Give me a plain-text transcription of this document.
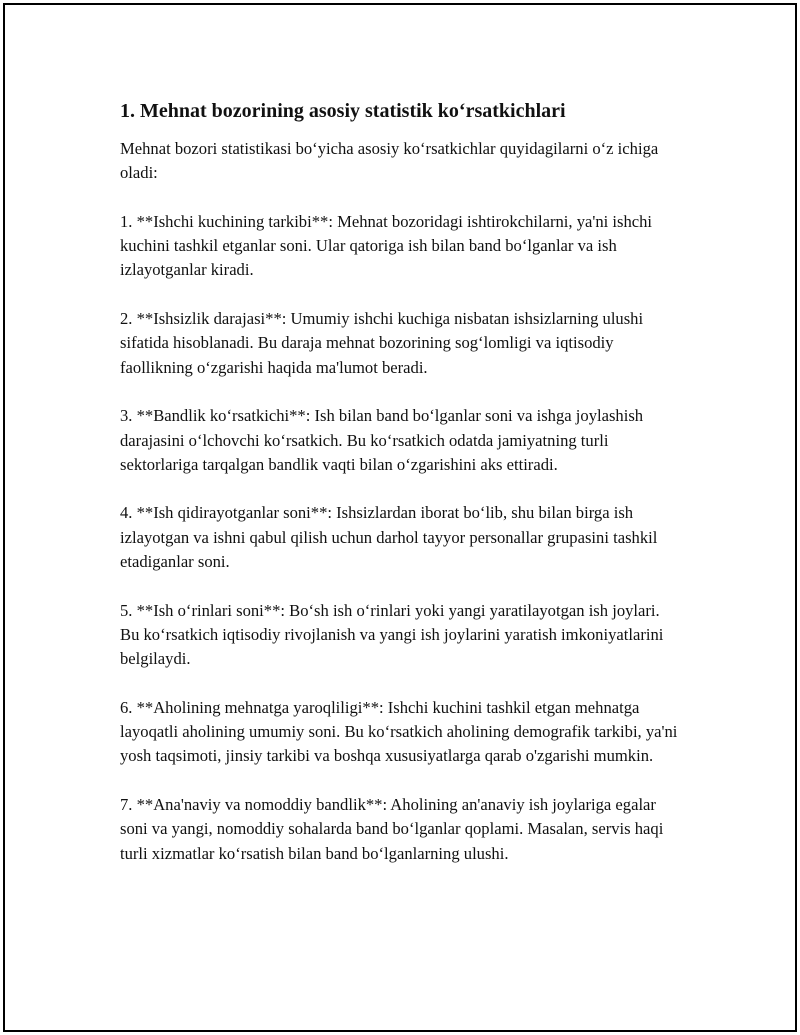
1. Mehnat bozorining asosiy statistik koʻrsatkichlari

Mehnat bozori statistikasi boʻyicha asosiy koʻrsatkichlar quyidagilarni oʻz ichiga oladi:

1. **Ishchi kuchining tarkibi**: Mehnat bozoridagi ishtirokchilarni, ya'ni ishchi kuchini tashkil etganlar soni. Ular qatoriga ish bilan band boʻlganlar va ish izlayotganlar kiradi.

2. **Ishsizlik darajasi**: Umumiy ishchi kuchiga nisbatan ishsizlarning ulushi sifatida hisoblanadi. Bu daraja mehnat bozorining sogʻlomligi va iqtisodiy faollikning oʻzgarishi haqida ma'lumot beradi.

3. **Bandlik koʻrsatkichi**: Ish bilan band boʻlganlar soni va ishga joylashish darajasini oʻlchovchi koʻrsatkich. Bu koʻrsatkich odatda jamiyatning turli sektorlariga tarqalgan bandlik vaqti bilan oʻzgarishini aks ettiradi.

4. **Ish qidirayotganlar soni**: Ishsizlardan iborat boʻlib, shu bilan birga ish izlayotgan va ishni qabul qilish uchun darhol tayyor personallar grupasini tashkil etadiganlar soni.

5. **Ish oʻrinlari soni**: Boʻsh ish oʻrinlari yoki yangi yaratilayotgan ish joylari. Bu koʻrsatkich iqtisodiy rivojlanish va yangi ish joylarini yaratish imkoniyatlarini belgilaydi.

6. **Aholining mehnatga yaroqliligi**: Ishchi kuchini tashkil etgan mehnatga layoqatli aholining umumiy soni. Bu koʻrsatkich aholining demografik tarkibi, ya'ni yosh taqsimoti, jinsiy tarkibi va boshqa xususiyatlarga qarab o'zgarishi mumkin.

7. **Ana'naviy va nomoddiy bandlik**: Aholining an'anaviy ish joylariga egalar soni va yangi, nomoddiy sohalarda band boʻlganlar qoplami. Masalan, servis haqi turli xizmatlar koʻrsatish bilan band boʻlganlarning ulushi.
